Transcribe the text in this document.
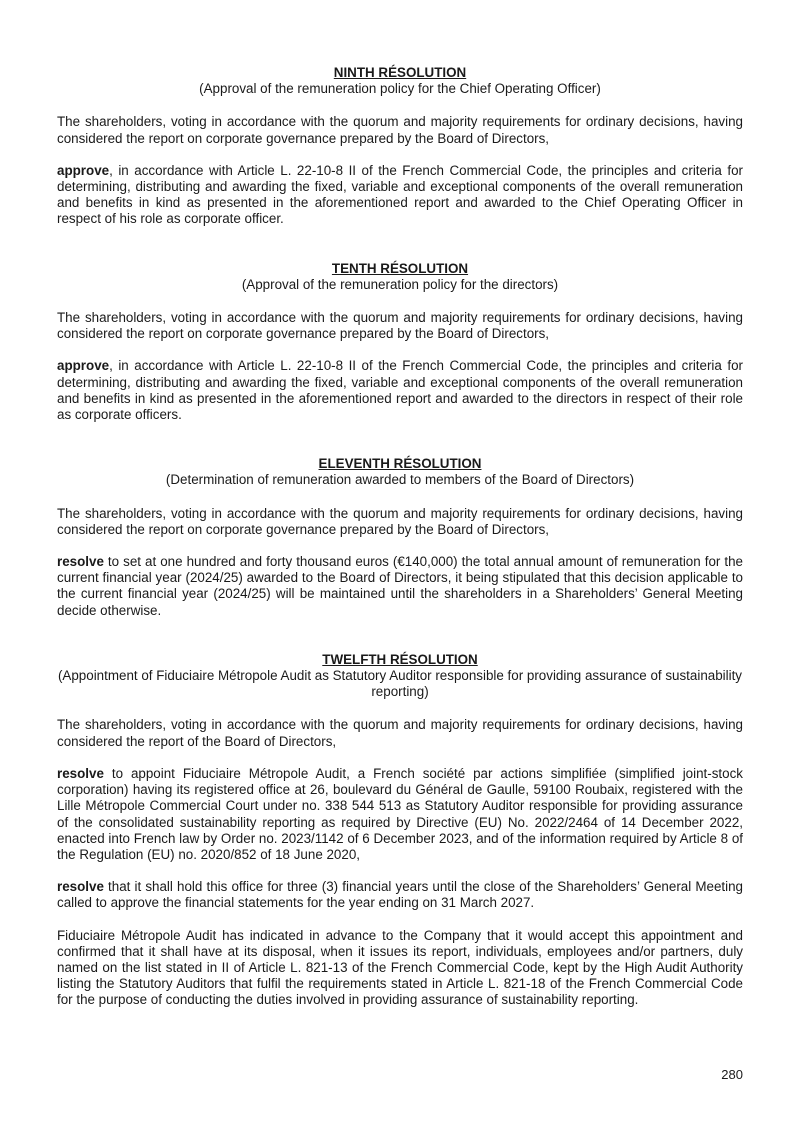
NINTH RÉSOLUTION

(Approval of the remuneration policy for the Chief Operating Officer)

The shareholders, voting in accordance with the quorum and majority requirements for ordinary decisions, having considered the report on corporate governance prepared by the Board of Directors,

approve, in accordance with Article L. 22-10-8 II of the French Commercial Code, the principles and criteria for determining, distributing and awarding the fixed, variable and exceptional components of the overall remuneration and benefits in kind as presented in the aforementioned report and awarded to the Chief Operating Officer in respect of his role as corporate officer.

TENTH RÉSOLUTION

(Approval of the remuneration policy for the directors)

The shareholders, voting in accordance with the quorum and majority requirements for ordinary decisions, having considered the report on corporate governance prepared by the Board of Directors,

approve, in accordance with Article L. 22-10-8 II of the French Commercial Code, the principles and criteria for determining, distributing and awarding the fixed, variable and exceptional components of the overall remuneration and benefits in kind as presented in the aforementioned report and awarded to the directors in respect of their role as corporate officers.

ELEVENTH RÉSOLUTION

(Determination of remuneration awarded to members of the Board of Directors)

The shareholders, voting in accordance with the quorum and majority requirements for ordinary decisions, having considered the report on corporate governance prepared by the Board of Directors,

resolve to set at one hundred and forty thousand euros (€140,000) the total annual amount of remuneration for the current financial year (2024/25) awarded to the Board of Directors, it being stipulated that this decision applicable to the current financial year (2024/25) will be maintained until the shareholders in a Shareholders’ General Meeting decide otherwise.

TWELFTH RÉSOLUTION

(Appointment of Fiduciaire Métropole Audit as Statutory Auditor responsible for providing assurance of sustainability reporting)

The shareholders, voting in accordance with the quorum and majority requirements for ordinary decisions, having considered the report of the Board of Directors,

resolve to appoint Fiduciaire Métropole Audit, a French société par actions simplifiée (simplified joint-stock corporation) having its registered office at 26, boulevard du Général de Gaulle, 59100 Roubaix, registered with the Lille Métropole Commercial Court under no. 338 544 513 as Statutory Auditor responsible for providing assurance of the consolidated sustainability reporting as required by Directive (EU) No. 2022/2464 of 14 December 2022, enacted into French law by Order no. 2023/1142 of 6 December 2023, and of the information required by Article 8 of the Regulation (EU) no. 2020/852 of 18 June 2020,

resolve that it shall hold this office for three (3) financial years until the close of the Shareholders’ General Meeting called to approve the financial statements for the year ending on 31 March 2027.

Fiduciaire Métropole Audit has indicated in advance to the Company that it would accept this appointment and confirmed that it shall have at its disposal, when it issues its report, individuals, employees and/or partners, duly named on the list stated in II of Article L. 821-13 of the French Commercial Code, kept by the High Audit Authority listing the Statutory Auditors that fulfil the requirements stated in Article L. 821-18 of the French Commercial Code for the purpose of conducting the duties involved in providing assurance of sustainability reporting.

280
